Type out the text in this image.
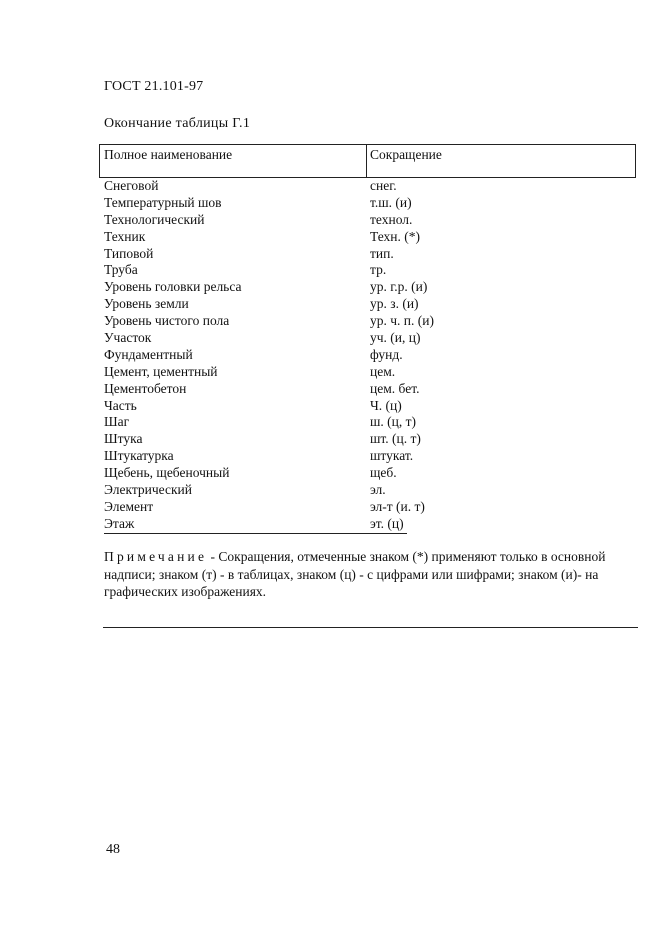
ГОСТ 21.101-97
Окончание таблицы Г.1
Полное наименование	Сокращение
Снеговой	снег.
Температурный шов	т.ш. (и)
Технологический	технол.
Техник	Техн. (*)
Типовой	тип.
Труба	тр.
Уровень головки рельса	ур. г.р. (и)
Уровень земли	ур. з. (и)
Уровень чистого пола	ур. ч. п. (и)
Участок	уч. (и, ц)
Фундаментный	фунд.
Цемент, цементный	цем.
Цементобетон	цем. бет.
Часть	Ч. (ц)
Шаг	ш. (ц, т)
Штука	шт. (ц. т)
Штукатурка	штукат.
Щебень, щебеночный	щеб.
Электрический	эл.
Элемент	эл-т (и. т)
Этаж	эт. (ц)
Примечание - Сокращения, отмеченные знаком (*) применяют только в основной надписи; знаком (т) - в таблицах, знаком (ц) - с цифрами или шифрами; знаком (и)- на графических изображениях.
48
